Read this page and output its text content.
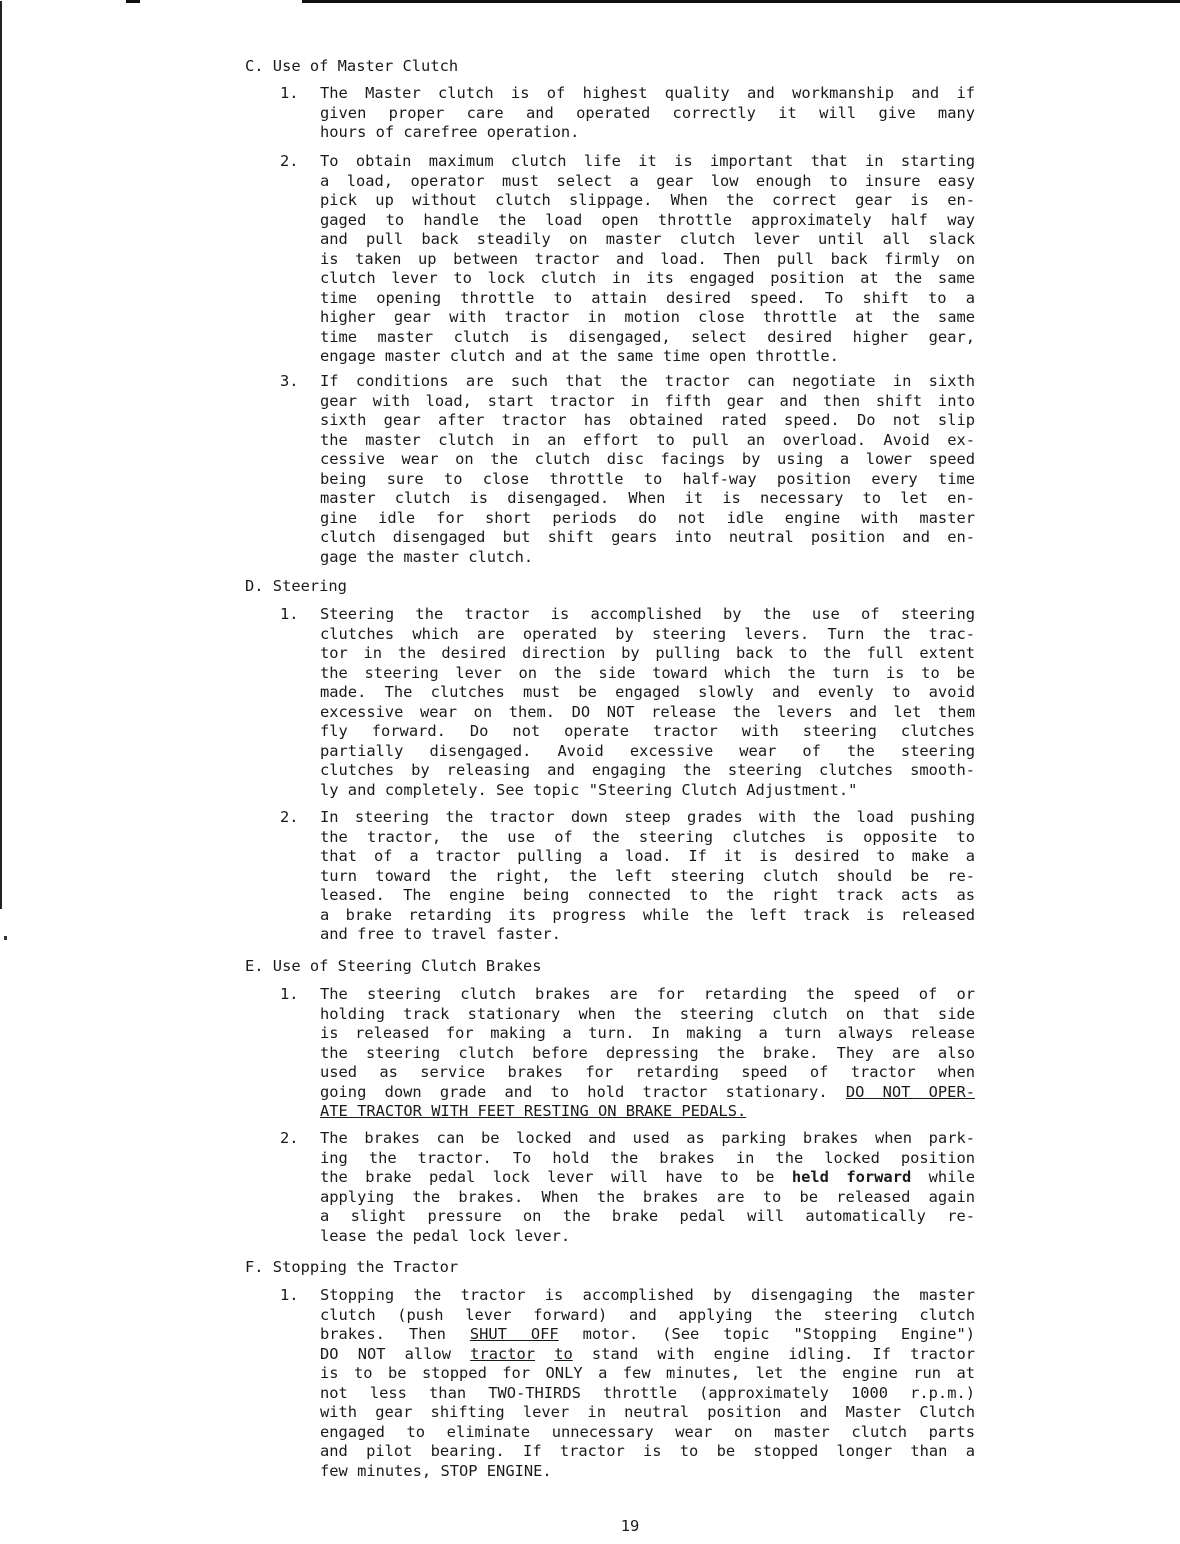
C. Use of Master Clutch
1. The Master clutch is of highest quality and workmanship and if
given proper care and operated correctly it will give many
hours of carefree operation.
2. To obtain maximum clutch life it is important that in starting
a load, operator must select a gear low enough to insure easy
pick up without clutch slippage. When the correct gear is en-
gaged to handle the load open throttle approximately half way
and pull back steadily on master clutch lever until all slack
is taken up between tractor and load. Then pull back firmly on
clutch lever to lock clutch in its engaged position at the same
time opening throttle to attain desired speed. To shift to a
higher gear with tractor in motion close throttle at the same
time master clutch is disengaged, select desired higher gear,
engage master clutch and at the same time open throttle.
3. If conditions are such that the tractor can negotiate in sixth
gear with load, start tractor in fifth gear and then shift into
sixth gear after tractor has obtained rated speed. Do not slip
the master clutch in an effort to pull an overload. Avoid ex-
cessive wear on the clutch disc facings by using a lower speed
being sure to close throttle to half-way position every time
master clutch is disengaged. When it is necessary to let en-
gine idle for short periods do not idle engine with master
clutch disengaged but shift gears into neutral position and en-
gage the master clutch.
D. Steering
1. Steering the tractor is accomplished by the use of steering
clutches which are operated by steering levers. Turn the trac-
tor in the desired direction by pulling back to the full extent
the steering lever on the side toward which the turn is to be
made. The clutches must be engaged slowly and evenly to avoid
excessive wear on them. DO NOT release the levers and let them
fly forward. Do not operate tractor with steering clutches
partially disengaged. Avoid excessive wear of the steering
clutches by releasing and engaging the steering clutches smooth-
ly and completely. See topic "Steering Clutch Adjustment."
2. In steering the tractor down steep grades with the load pushing
the tractor, the use of the steering clutches is opposite to
that of a tractor pulling a load. If it is desired to make a
turn toward the right, the left steering clutch should be re-
leased. The engine being connected to the right track acts as
a brake retarding its progress while the left track is released
and free to travel faster.
E. Use of Steering Clutch Brakes
1. The steering clutch brakes are for retarding the speed of or
holding track stationary when the steering clutch on that side
is released for making a turn. In making a turn always release
the steering clutch before depressing the brake. They are also
used as service brakes for retarding speed of tractor when
going down grade and to hold tractor stationary. DO NOT OPER-
ATE TRACTOR WITH FEET RESTING ON BRAKE PEDALS.
2. The brakes can be locked and used as parking brakes when park-
ing the tractor. To hold the brakes in the locked position
the brake pedal lock lever will have to be held forward while
applying the brakes. When the brakes are to be released again
a slight pressure on the brake pedal will automatically re-
lease the pedal lock lever.
F. Stopping the Tractor
1. Stopping the tractor is accomplished by disengaging the master
clutch (push lever forward) and applying the steering clutch
brakes. Then SHUT OFF motor. (See topic "Stopping Engine")
DO NOT allow tractor to stand with engine idling. If tractor
is to be stopped for ONLY a few minutes, let the engine run at
not less than TWO-THIRDS throttle (approximately 1000 r.p.m.)
with gear shifting lever in neutral position and Master Clutch
engaged to eliminate unnecessary wear on master clutch parts
and pilot bearing. If tractor is to be stopped longer than a
few minutes, STOP ENGINE.
19
